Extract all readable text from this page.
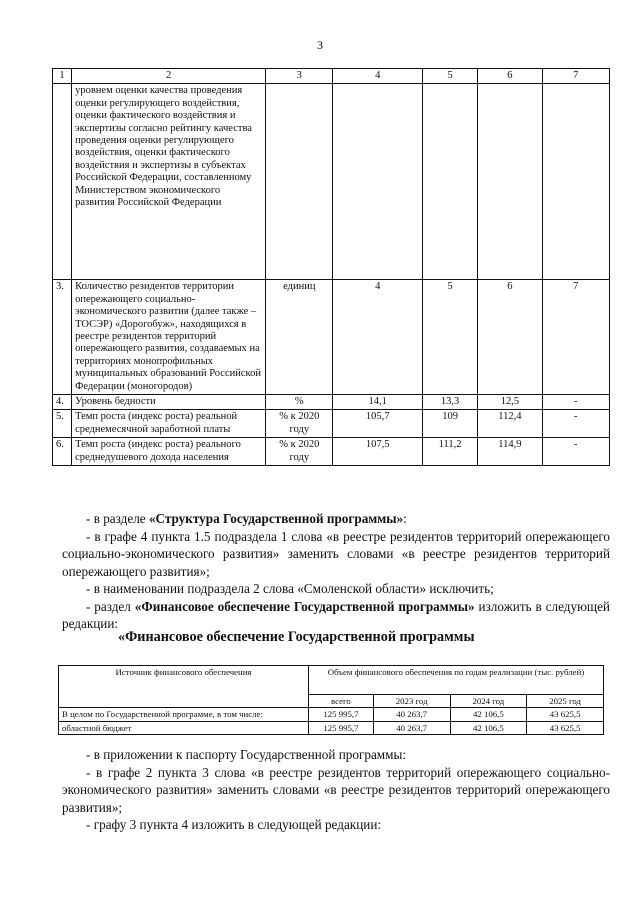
3
1	2	3	4	5	6	7
	уровнем оценки качества проведения оценки регулирующего воздействия, оценки фактического воздействия и экспертизы согласно рейтингу качества проведения оценки регулирующего воздействия, оценки фактического воздействия и экспертизы в субъектах Российской Федерации, составленному Министерством экономического развития Российской Федерации					
3.	Количество резидентов территории опережающего социально-экономического развития (далее также – ТОСЭР) «Дорогобуж», находящихся в реестре резидентов территорий опережающего развития, создаваемых на территориях монопрофильных муниципальных образований Российской Федерации (моногородов)	единиц	4	5	6	7
4.	Уровень бедности	%	14,1	13,3	12,5	-
5.	Темп роста (индекс роста) реальной среднемесячной заработной платы	% к 2020 году	105,7	109	112,4	-
6.	Темп роста (индекс роста) реального среднедушевого дохода населения	% к 2020 году	107,5	111,2	114,9	-
- в разделе «Структура Государственной программы»:
- в графе 4 пункта 1.5 подраздела 1 слова «в реестре резидентов территорий опережающего социально-экономического развития» заменить словами «в реестре резидентов территорий опережающего развития»;
- в наименовании подраздела 2 слова «Смоленской области» исключить;
- раздел «Финансовое обеспечение Государственной программы» изложить в следующей редакции:
«Финансовое обеспечение Государственной программы
Источник финансового обеспечения	Объем финансового обеспечения по годам реализации (тыс. рублей)			
	всего	2023 год	2024 год	2025 год
В целом по Государственной программе, в том числе:	125 995,7	40 263,7	42 106,5	43 625,5
областной бюджет	125 995,7	40 263,7	42 106,5	43 625,5
- в приложении к паспорту Государственной программы:
- в графе 2 пункта 3 слова «в реестре резидентов территорий опережающего социально-экономического развития» заменить словами «в реестре резидентов территорий опережающего развития»;
- графу 3 пункта 4 изложить в следующей редакции:
